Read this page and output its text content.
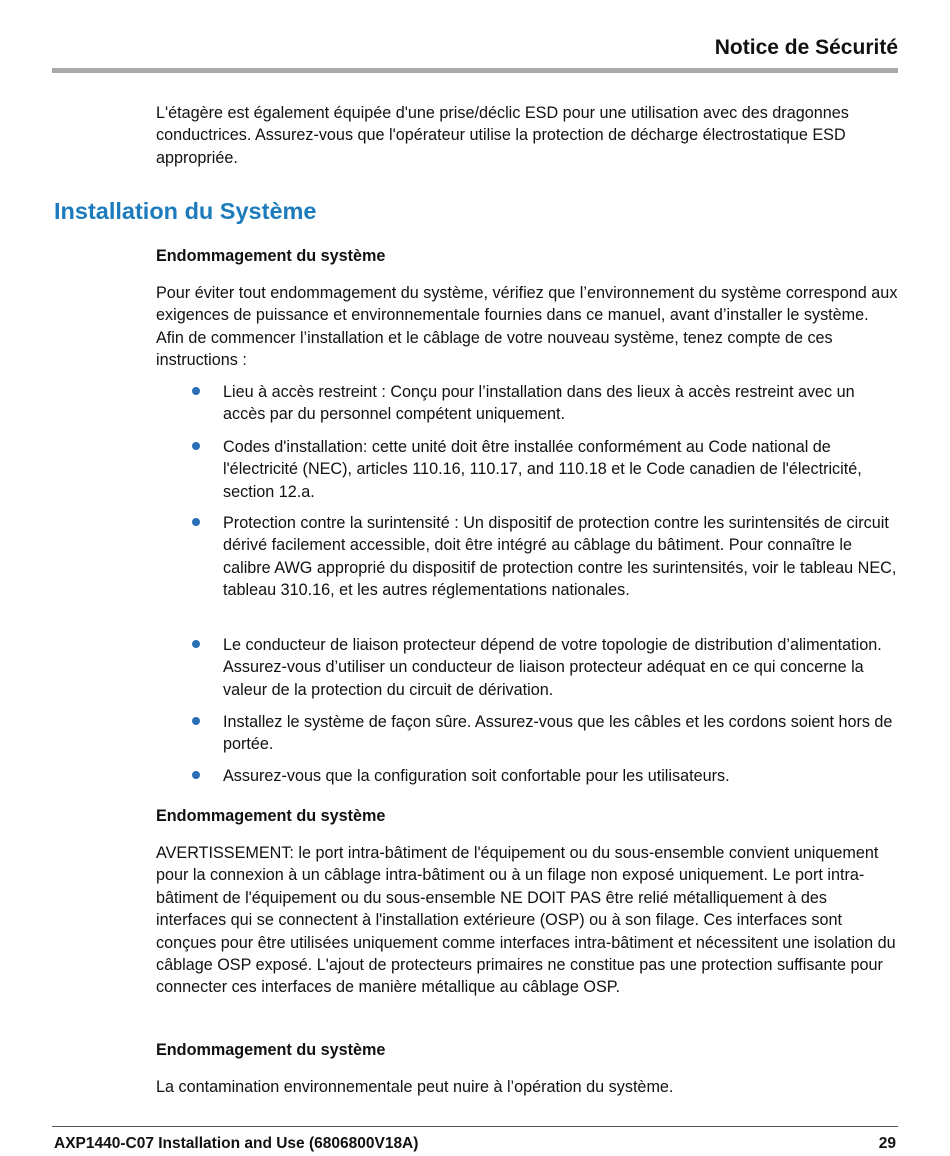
Notice de Sécurité

L'étagère est également équipée d'une prise/déclic ESD pour une utilisation avec des dragonnes conductrices. Assurez-vous que l'opérateur utilise la protection de décharge électrostatique ESD appropriée.

Installation du Système
Endommagement du système

Pour éviter tout endommagement du système, vérifiez que l’environnement du système correspond aux exigences de puissance et environnementale fournies dans ce manuel, avant d’installer le système. Afin de commencer l’installation et le câblage de votre nouveau système, tenez compte de ces instructions :

Lieu à accès restreint : Conçu pour l’installation dans des lieux à accès restreint avec un accès par du personnel compétent uniquement.
Codes d'installation: cette unité doit être installée conformément au Code national de l'électricité (NEC), articles 110.16, 110.17, and 110.18 et le Code canadien de l'électricité, section 12.a.
Protection contre la surintensité : Un dispositif de protection contre les surintensités de circuit dérivé facilement accessible, doit être intégré au câblage du bâtiment. Pour connaître le calibre AWG approprié du dispositif de protection contre les surintensités, voir le tableau NEC, tableau 310.16, et les autres réglementations nationales.
Le conducteur de liaison protecteur dépend de votre topologie de distribution d’alimentation. Assurez-vous d’utiliser un conducteur de liaison protecteur adéquat en ce qui concerne la valeur de la protection du circuit de dérivation.
Installez le système de façon sûre. Assurez-vous que les câbles et les cordons soient hors de portée.
Assurez-vous que la configuration soit confortable pour les utilisateurs.
Endommagement du système

AVERTISSEMENT: le port intra-bâtiment de l'équipement ou du sous-ensemble convient uniquement pour la connexion à un câblage intra-bâtiment ou à un filage non exposé uniquement. Le port intra-bâtiment de l'équipement ou du sous-ensemble NE DOIT PAS être relié métalliquement à des interfaces qui se connectent à l'installation extérieure (OSP) ou à son filage. Ces interfaces sont conçues pour être utilisées uniquement comme interfaces intra-bâtiment et nécessitent une isolation du câblage OSP exposé. L'ajout de protecteurs primaires ne constitue pas une protection suffisante pour connecter ces interfaces de manière métallique au câblage OSP.

Endommagement du système

La contamination environnementale peut nuire à l’opération du système.

AXP1440-C07 Installation and Use (6806800V18A)	29
